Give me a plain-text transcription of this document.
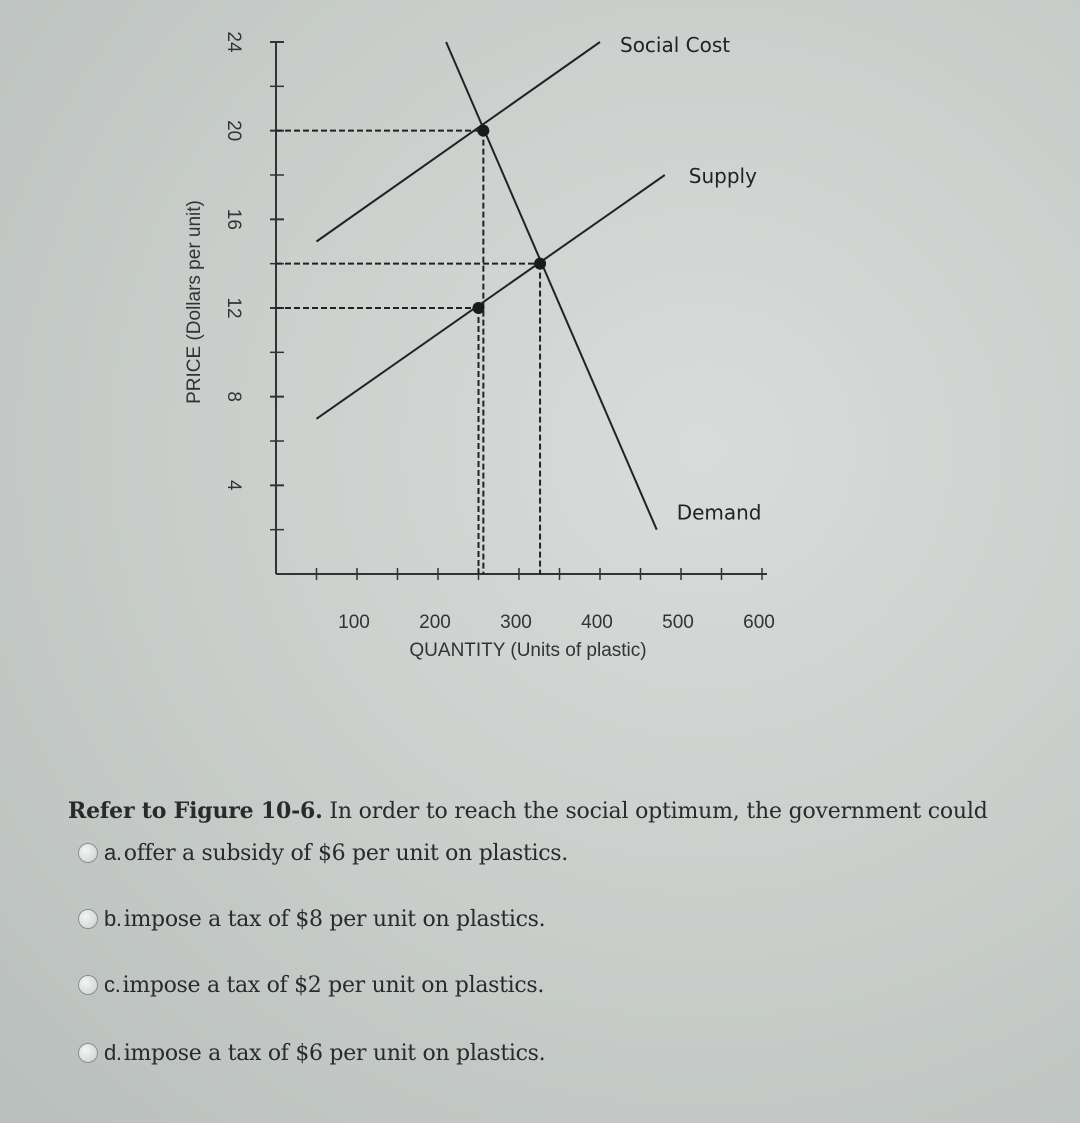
4
8
12
16
20
24
100	200	300	400	500	600
QUANTITY (Units of plastic)
PRICE (Dollars per unit)
Social Cost
Supply
Demand

Refer to Figure 10-6. In order to reach the social optimum, the government could

a. offer a subsidy of $6 per unit on plastics.
b. impose a tax of $8 per unit on plastics.
c. impose a tax of $2 per unit on plastics.
d. impose a tax of $6 per unit on plastics.
